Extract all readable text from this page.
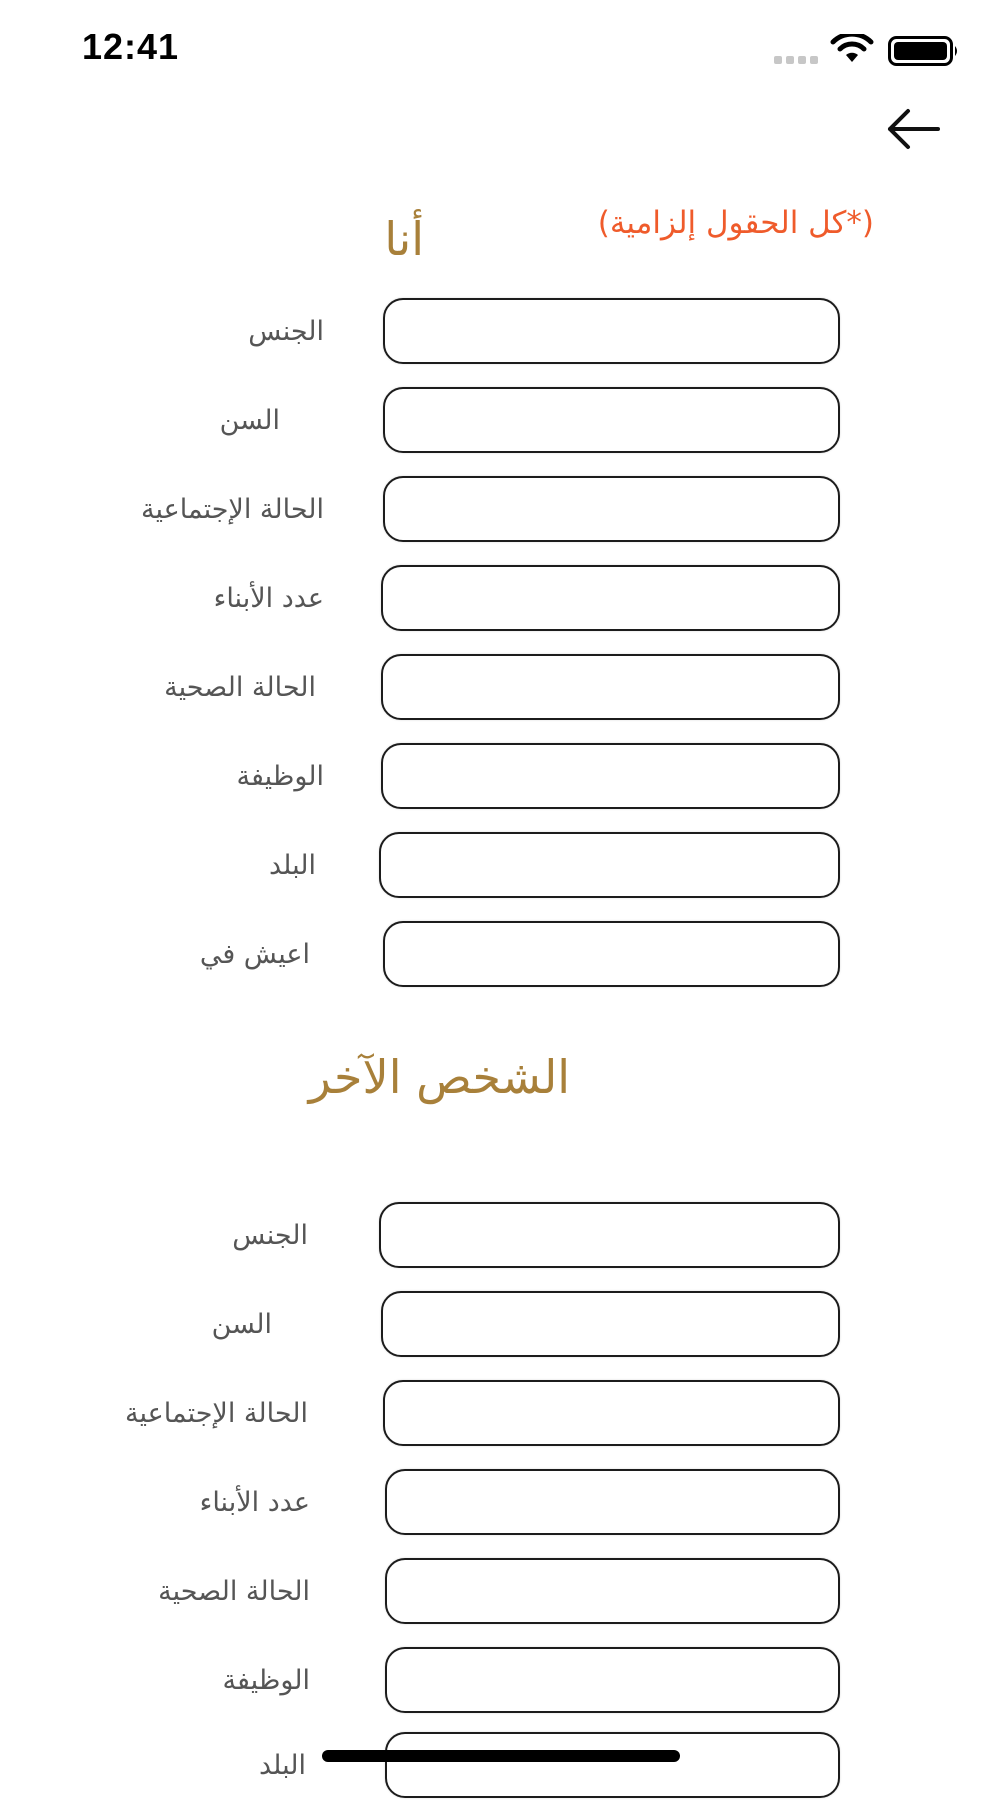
12:41
(*كل الحقول إلزامية)
أنا
الجنس
السن
الحالة الإجتماعية
عدد الأبناء
الحالة الصحية
الوظيفة
البلد
اعيش في
الشخص الآخر
الجنس
السن
الحالة الإجتماعية
عدد الأبناء
الحالة الصحية
الوظيفة
البلد
